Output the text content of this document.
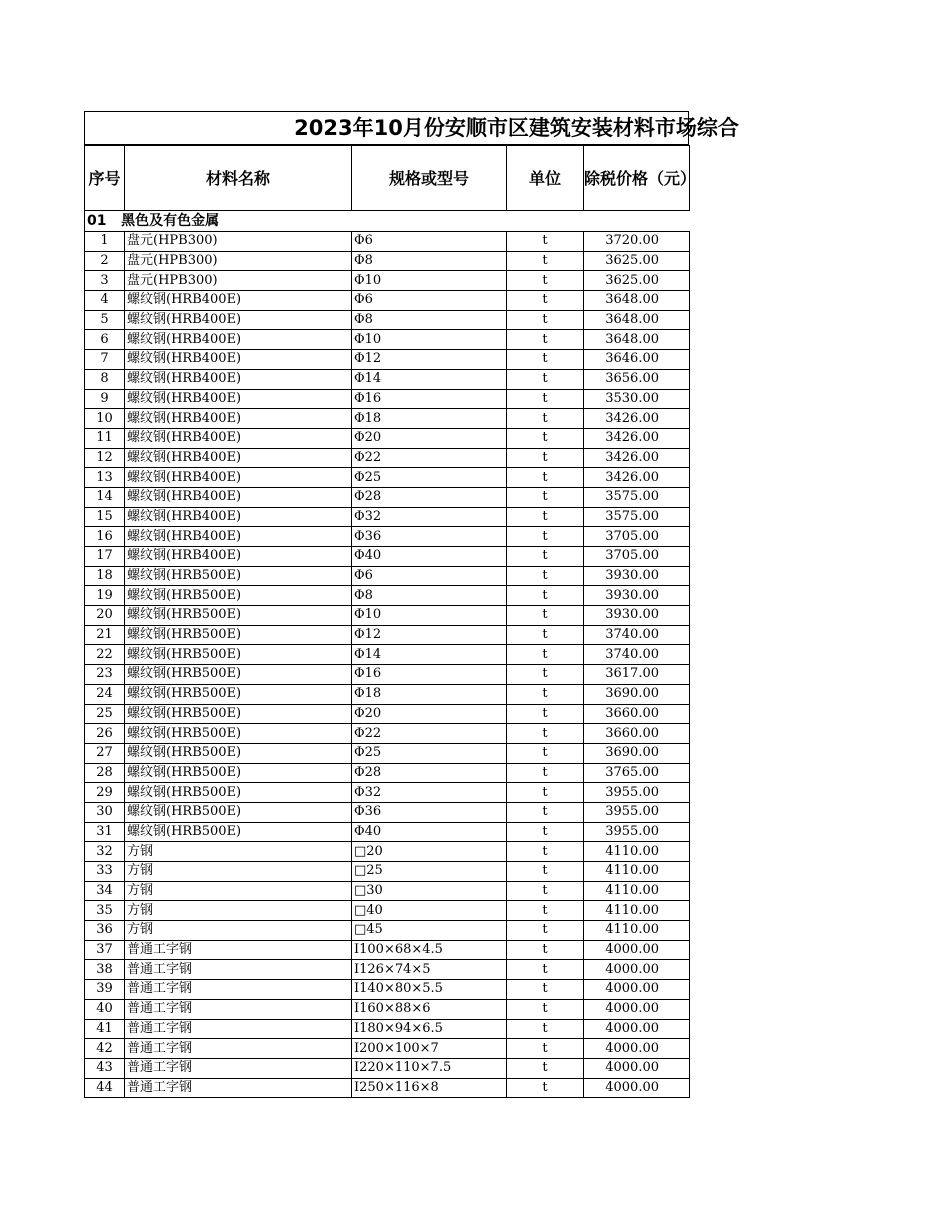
2023年10月份安顺市区建筑安装材料市场综合
序号	材料名称	规格或型号	单位	除税价格（元）
01 黑色及有色金属				
1	盘元(HPB300)	Φ6	t	3720.00
2	盘元(HPB300)	Φ8	t	3625.00
3	盘元(HPB300)	Φ10	t	3625.00
4	螺纹钢(HRB400E)	Φ6	t	3648.00
5	螺纹钢(HRB400E)	Φ8	t	3648.00
6	螺纹钢(HRB400E)	Φ10	t	3648.00
7	螺纹钢(HRB400E)	Φ12	t	3646.00
8	螺纹钢(HRB400E)	Φ14	t	3656.00
9	螺纹钢(HRB400E)	Φ16	t	3530.00
10	螺纹钢(HRB400E)	Φ18	t	3426.00
11	螺纹钢(HRB400E)	Φ20	t	3426.00
12	螺纹钢(HRB400E)	Φ22	t	3426.00
13	螺纹钢(HRB400E)	Φ25	t	3426.00
14	螺纹钢(HRB400E)	Φ28	t	3575.00
15	螺纹钢(HRB400E)	Φ32	t	3575.00
16	螺纹钢(HRB400E)	Φ36	t	3705.00
17	螺纹钢(HRB400E)	Φ40	t	3705.00
18	螺纹钢(HRB500E)	Φ6	t	3930.00
19	螺纹钢(HRB500E)	Φ8	t	3930.00
20	螺纹钢(HRB500E)	Φ10	t	3930.00
21	螺纹钢(HRB500E)	Φ12	t	3740.00
22	螺纹钢(HRB500E)	Φ14	t	3740.00
23	螺纹钢(HRB500E)	Φ16	t	3617.00
24	螺纹钢(HRB500E)	Φ18	t	3690.00
25	螺纹钢(HRB500E)	Φ20	t	3660.00
26	螺纹钢(HRB500E)	Φ22	t	3660.00
27	螺纹钢(HRB500E)	Φ25	t	3690.00
28	螺纹钢(HRB500E)	Φ28	t	3765.00
29	螺纹钢(HRB500E)	Φ32	t	3955.00
30	螺纹钢(HRB500E)	Φ36	t	3955.00
31	螺纹钢(HRB500E)	Φ40	t	3955.00
32	方钢	□20	t	4110.00
33	方钢	□25	t	4110.00
34	方钢	□30	t	4110.00
35	方钢	□40	t	4110.00
36	方钢	□45	t	4110.00
37	普通工字钢	I100×68×4.5	t	4000.00
38	普通工字钢	I126×74×5	t	4000.00
39	普通工字钢	I140×80×5.5	t	4000.00
40	普通工字钢	I160×88×6	t	4000.00
41	普通工字钢	I180×94×6.5	t	4000.00
42	普通工字钢	I200×100×7	t	4000.00
43	普通工字钢	I220×110×7.5	t	4000.00
44	普通工字钢	I250×116×8	t	4000.00
